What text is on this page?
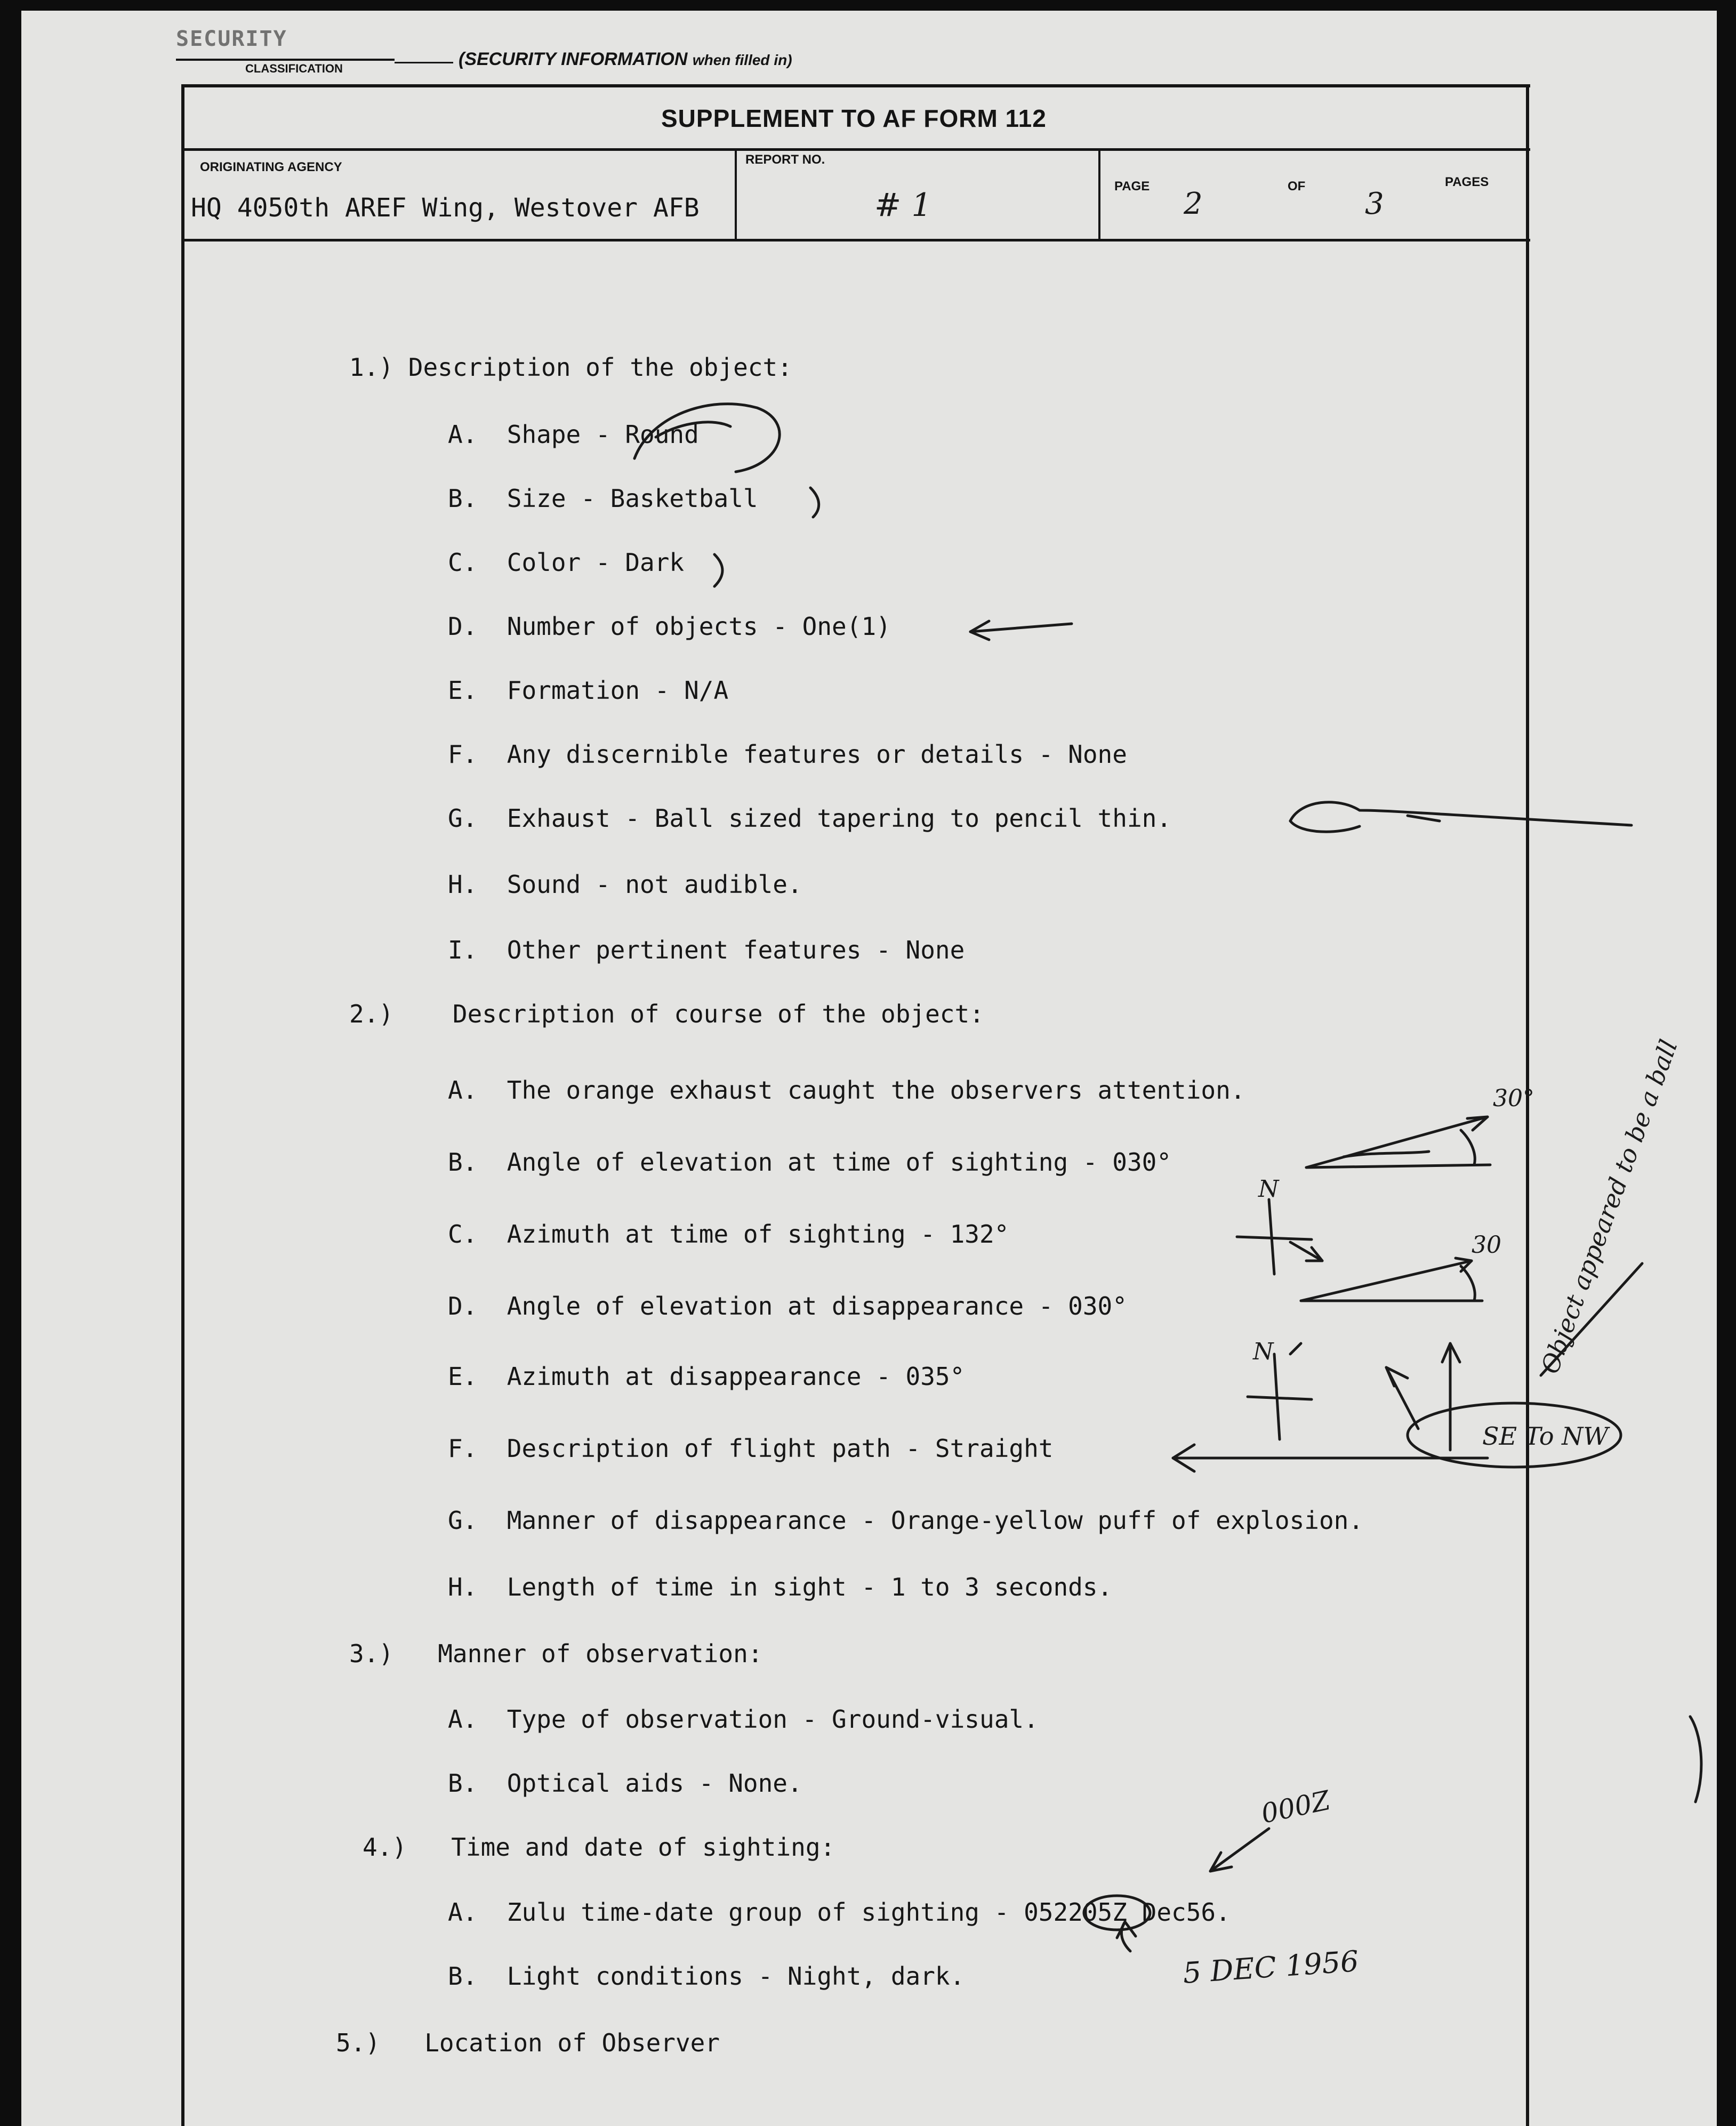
SECURITY
CLASSIFICATION	(SECURITY INFORMATION when filled in)
SUPPLEMENT TO AF FORM 112
ORIGINATING AGENCY
HQ 4050th AREF Wing, Westover AFB
REPORT NO.
# 1
PAGE
2
OF
3
PAGES
1.) Description of the object:
A. Shape - Round
B. Size - Basketball
C. Color - Dark
D. Number of objects - One(1)
E. Formation - N/A
F. Any discernible features or details - None
G. Exhaust - Ball sized tapering to pencil thin.
H. Sound - not audible.
I. Other pertinent features - None
2.) Description of course of the object:
A. The orange exhaust caught the observers attention.
B. Angle of elevation at time of sighting - 030°
C. Azimuth at time of sighting - 132°
D. Angle of elevation at disappearance - 030°
E. Azimuth at disappearance - 035°
F. Description of flight path - Straight
G. Manner of disappearance - Orange-yellow puff of explosion.
H. Length of time in sight - 1 to 3 seconds.
3.) Manner of observation:
A. Type of observation - Ground-visual.
B. Optical aids - None.
4.) Time and date of sighting:
A. Zulu time-date group of sighting - 052205Z Dec56.
B. Light conditions - Night, dark.
5.) Location of Observer
30°
30
N
N
SE To NW
Object appeared to be a ball
000Z
5 DEC 1956
